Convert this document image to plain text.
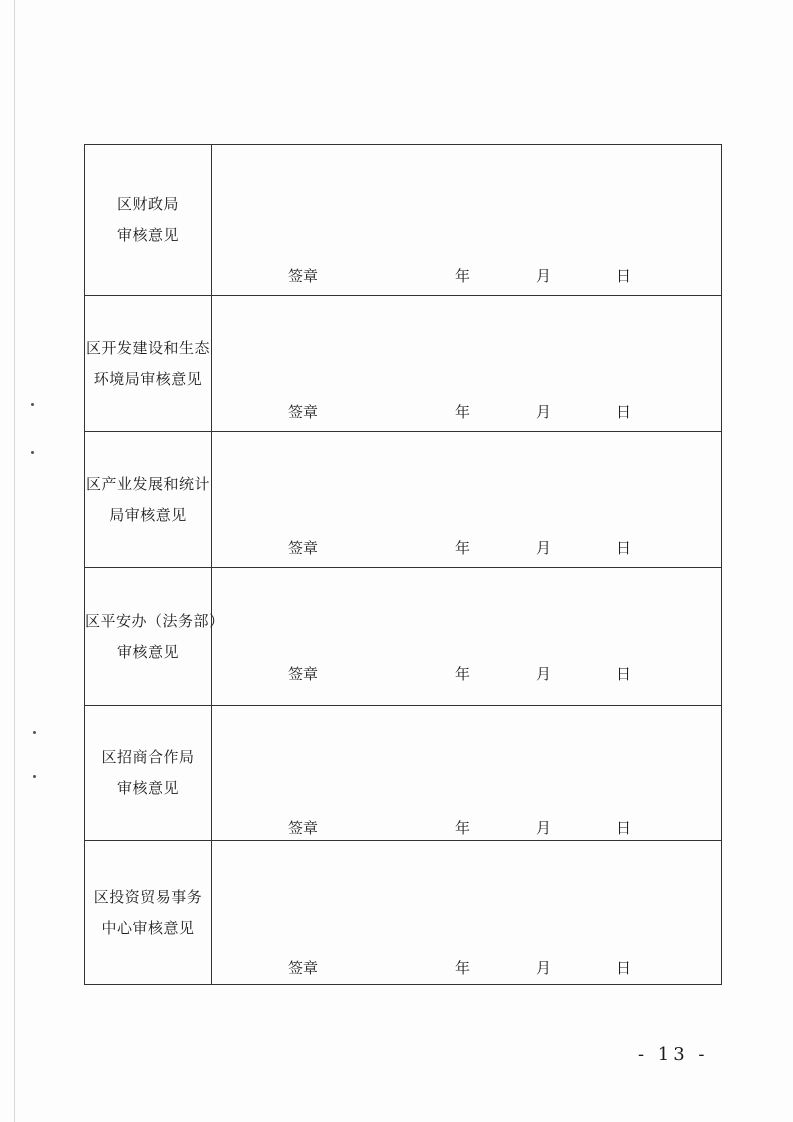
区财政局
审核意见	签章 年 月 日

区开发建设和生态
环境局审核意见	签章 年 月 日

区产业发展和统计
局审核意见	签章 年 月 日

区平安办（法务部）
审核意见	签章 年 月 日

区招商合作局
审核意见	签章 年 月 日

区投资贸易事务
中心审核意见	签章 年 月 日
- 13 -
